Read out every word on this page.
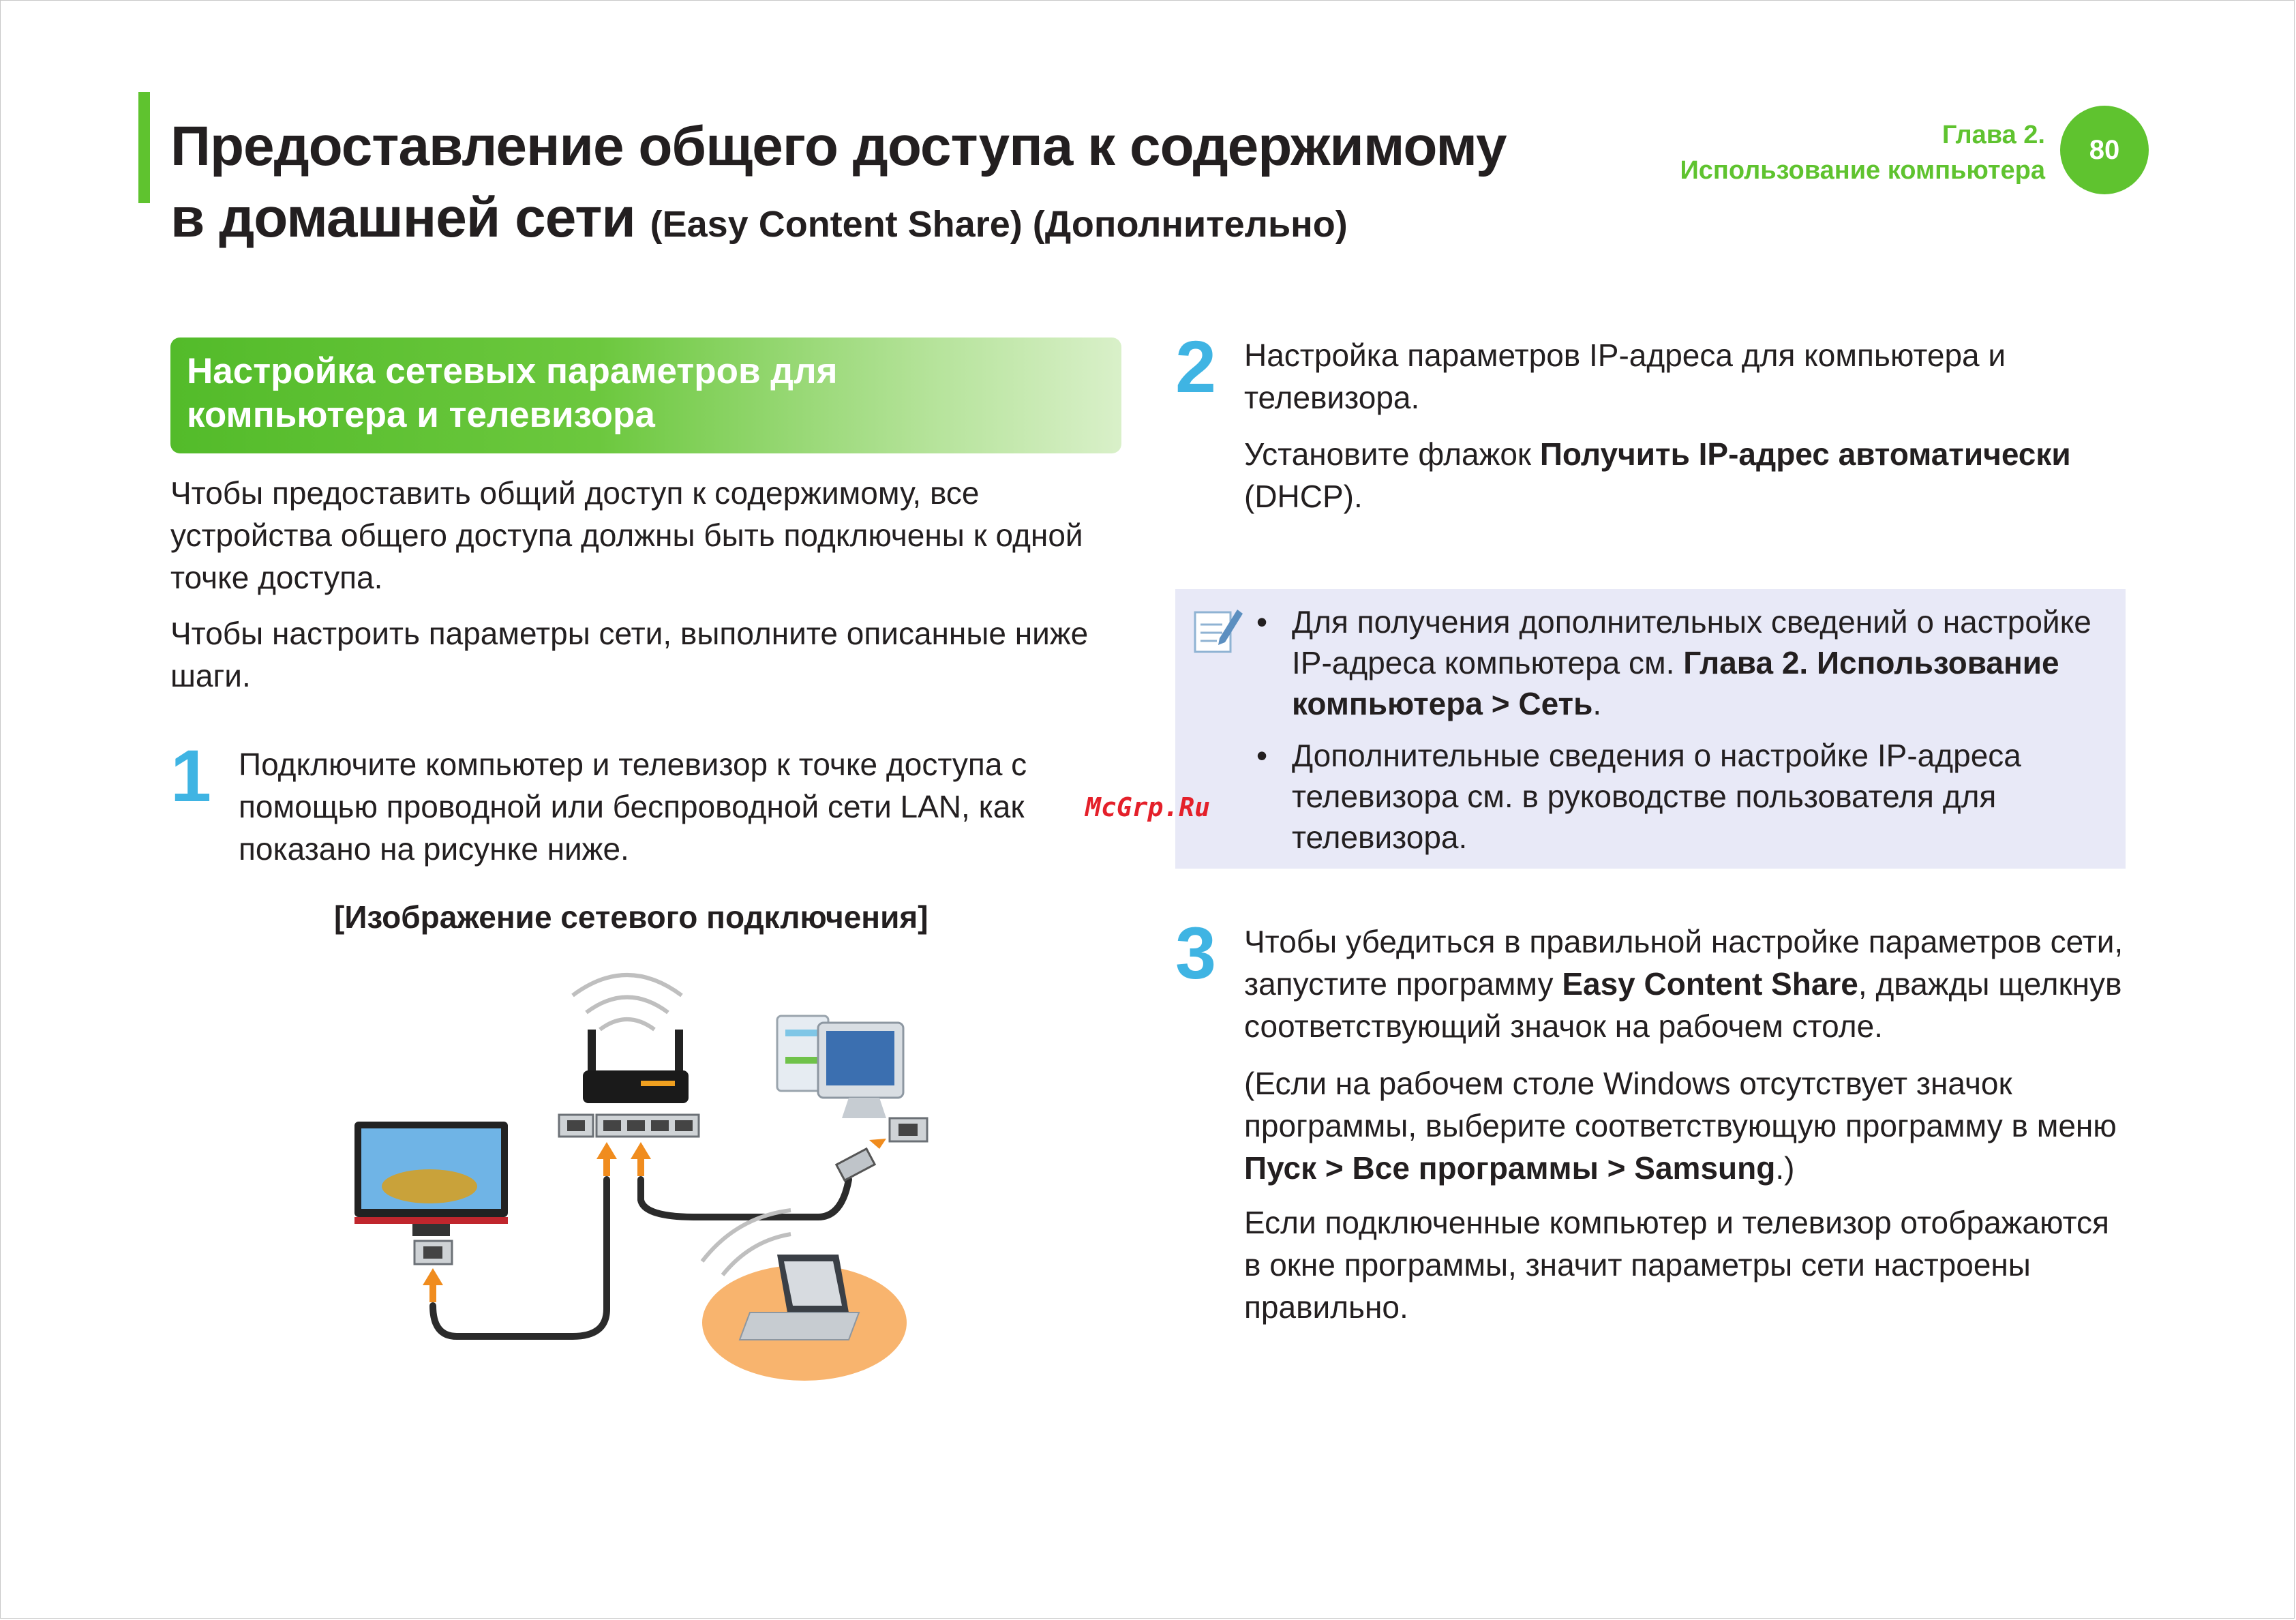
Предоставление общего доступа к содержимому
в домашней сети (Easy Content Share) (Дополнительно)
Глава 2.
Использование компьютера
80
Настройка сетевых параметров для
компьютера и телевизора
Чтобы предоставить общий доступ к содержимому, все устройства общего доступа должны быть подключены к одной точке доступа.
Чтобы настроить параметры сети, выполните описанные ниже шаги.
1 Подключите компьютер и телевизор к точке доступа с помощью проводной или беспроводной сети LAN, как показано на рисунке ниже.
[Изображение сетевого подключения]
2 Настройка параметров IP-адреса для компьютера и телевизора.
Установите флажок Получить IP-адрес автоматически
(DHCP).
• Для получения дополнительных сведений о настройке IP-адреса компьютера см. Глава 2. Использование компьютера > Сеть.
• Дополнительные сведения о настройке IP-адреса телевизора см. в руководстве пользователя для телевизора.
McGrp.Ru
3 Чтобы убедиться в правильной настройке параметров сети, запустите программу Easy Content Share, дважды щелкнув соответствующий значок на рабочем столе.
(Если на рабочем столе Windows отсутствует значок программы, выберите соответствующую программу в меню Пуск > Все программы > Samsung.)
Если подключенные компьютер и телевизор отображаются в окне программы, значит параметры сети настроены правильно.
